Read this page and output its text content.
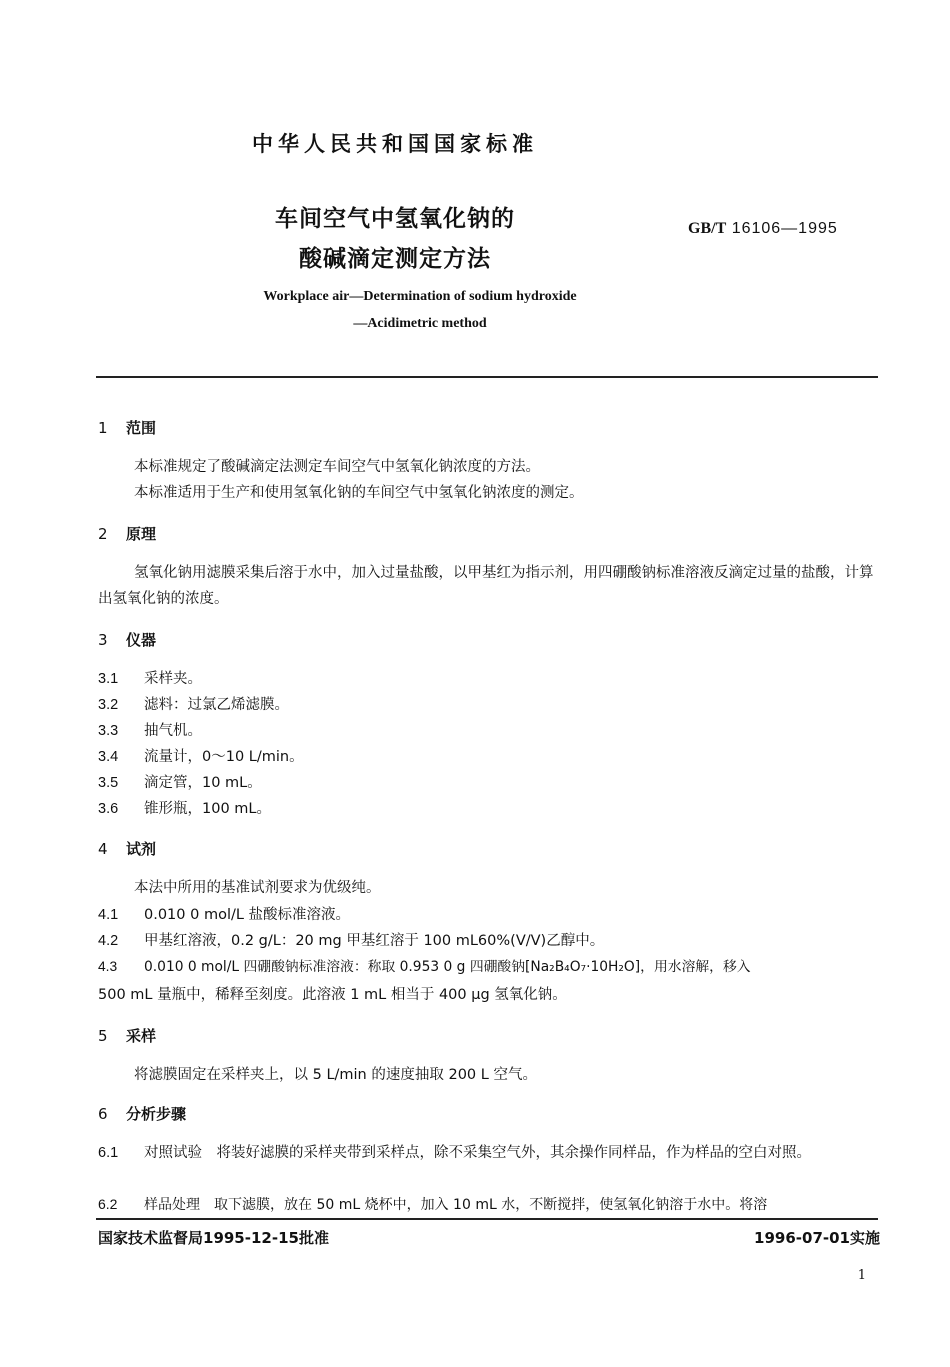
中华人民共和国国家标准
车间空气中氢氧化钠的
酸碱滴定测定方法
GB/T 16106—1995
Workplace air—Determination of sodium hydroxide
—Acidimetric method
1 范围
本标准规定了酸碱滴定法测定车间空气中氢氧化钠浓度的方法。
本标准适用于生产和使用氢氧化钠的车间空气中氢氧化钠浓度的测定。
2 原理
氢氧化钠用滤膜采集后溶于水中，加入过量盐酸，以甲基红为指示剂，用四硼酸钠标准溶液反滴定过量的盐酸，计算出氢氧化钠的浓度。
3 仪器
3.1 采样夹。
3.2 滤料：过氯乙烯滤膜。
3.3 抽气机。
3.4 流量计，0～10 L/min。
3.5 滴定管，10 mL。
3.6 锥形瓶，100 mL。
4 试剂
本法中所用的基准试剂要求为优级纯。
4.1 0.010 0 mol/L 盐酸标准溶液。
4.2 甲基红溶液，0.2 g/L：20 mg 甲基红溶于 100 mL60%(V/V)乙醇中。
4.3 0.010 0 mol/L 四硼酸钠标准溶液：称取 0.953 0 g 四硼酸钠[Na₂B₄O₇·10H₂O]，用水溶解，移入
500 mL 量瓶中，稀释至刻度。此溶液 1 mL 相当于 400 μg 氢氧化钠。
5 采样
将滤膜固定在采样夹上，以 5 L/min 的速度抽取 200 L 空气。
6 分析步骤
6.1 对照试验　将装好滤膜的采样夹带到采样点，除不采集空气外，其余操作同样品，作为样品的空白对照。
6.2 样品处理　取下滤膜，放在 50 mL 烧杯中，加入 10 mL 水，不断搅拌，使氢氧化钠溶于水中。将溶
国家技术监督局1995-12-15批准	1996-07-01实施
1
